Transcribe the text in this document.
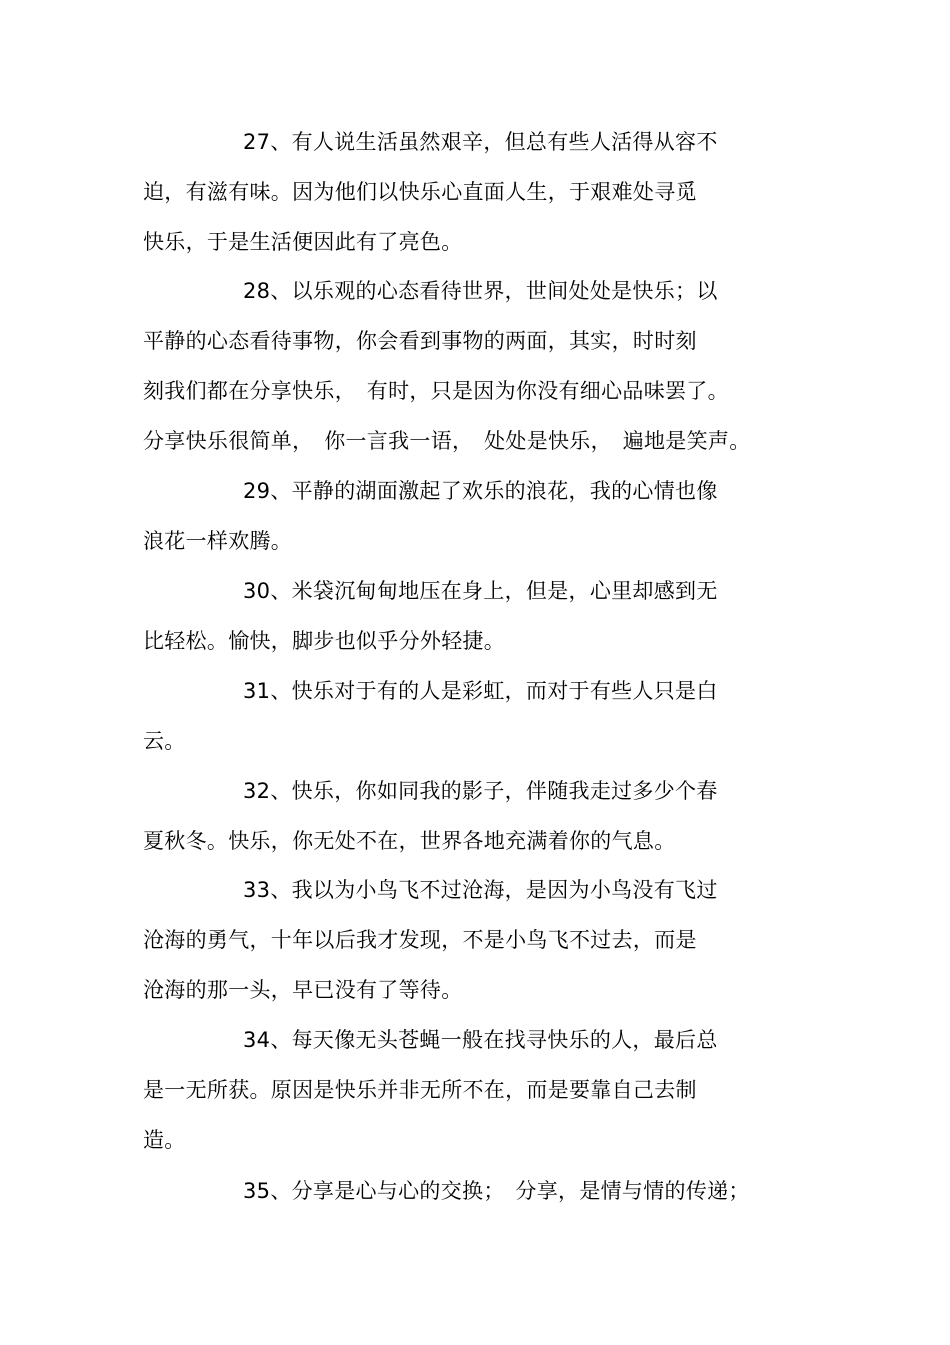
27、有人说生活虽然艰辛，但总有些人活得从容不
迫，有滋有味。因为他们以快乐心直面人生，于艰难处寻觅
快乐，于是生活便因此有了亮色。
28、以乐观的心态看待世界，世间处处是快乐；以
平静的心态看待事物，你会看到事物的两面，其实，时时刻
刻我们都在分享快乐，　有时，只是因为你没有细心品味罢了。
分享快乐很简单，　你一言我一语，　处处是快乐，　遍地是笑声。
29、平静的湖面激起了欢乐的浪花，我的心情也像
浪花一样欢腾。
30、米袋沉甸甸地压在身上，但是，心里却感到无
比轻松。愉快，脚步也似乎分外轻捷。
31、快乐对于有的人是彩虹，而对于有些人只是白
云。
32、快乐，你如同我的影子，伴随我走过多少个春
夏秋冬。快乐，你无处不在，世界各地充满着你的气息。
33、我以为小鸟飞不过沧海，是因为小鸟没有飞过
沧海的勇气，十年以后我才发现，不是小鸟飞不过去，而是
沧海的那一头，早已没有了等待。
34、每天像无头苍蝇一般在找寻快乐的人，最后总
是一无所获。原因是快乐并非无所不在，而是要靠自己去制
造。
35、分享是心与心的交换；　分享，是情与情的传递；
